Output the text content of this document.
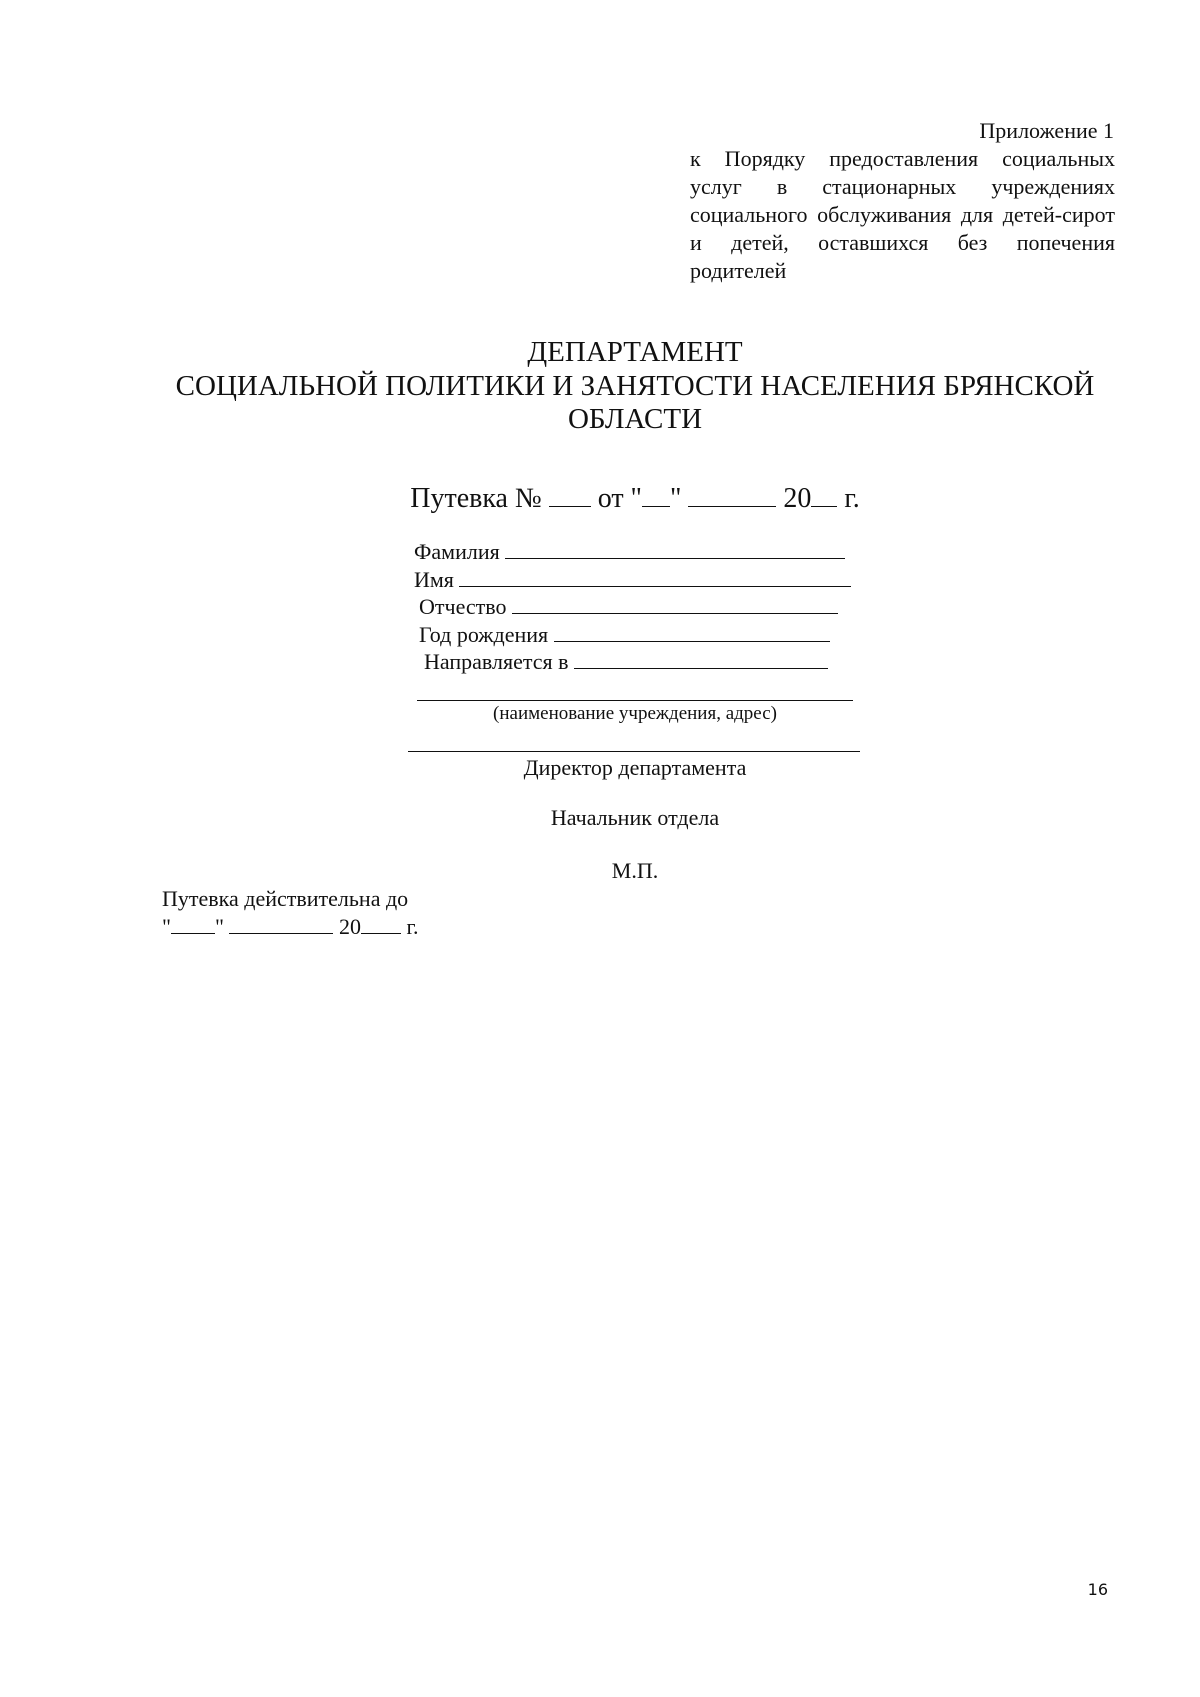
Приложение 1
к Порядку предоставления социальных услуг в стационарных учреждениях социального обслуживания для детей-сирот и детей, оставшихся без попечения родителей
ДЕПАРТАМЕНТ
СОЦИАЛЬНОЙ ПОЛИТИКИ И ЗАНЯТОСТИ НАСЕЛЕНИЯ БРЯНСКОЙ
ОБЛАСТИ
Путевка № от " "	20 г.
Фамилия
Имя
Отчество
Год рождения
Направляется в
(наименование учреждения, адрес)
Директор департамента
Начальник отдела
М.П.
Путевка действительна до
" "	20 г.
16
